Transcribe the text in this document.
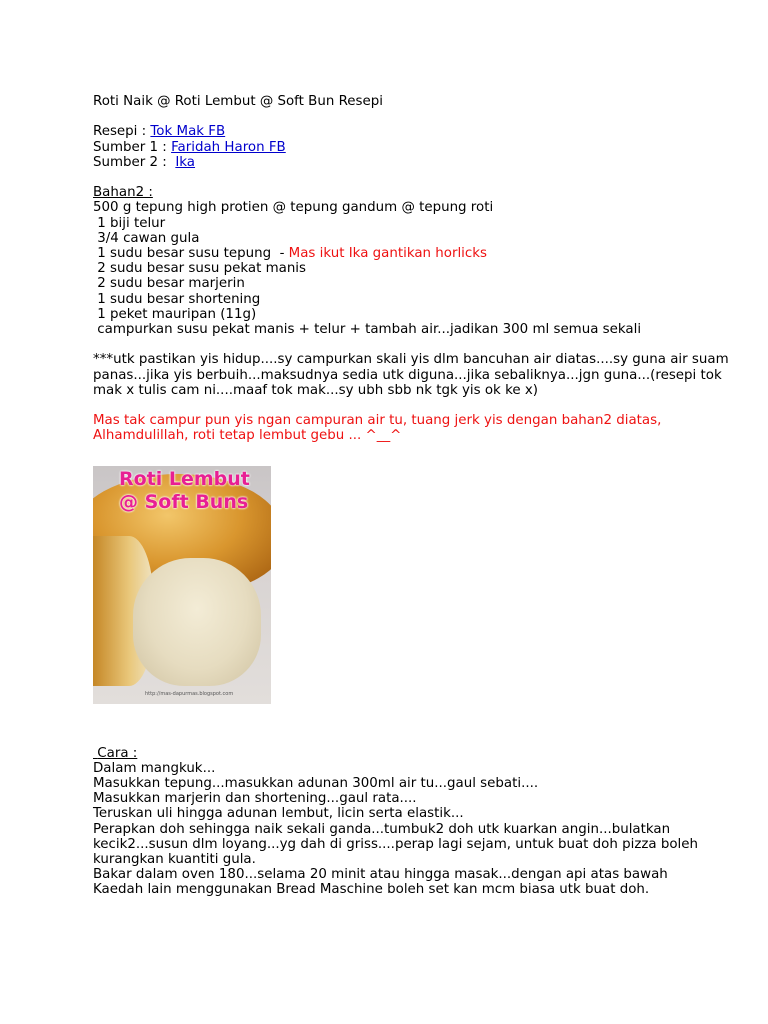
Roti Naik @ Roti Lembut @ Soft Bun Resepi
Resepi : Tok Mak FB
Sumber 1 : Faridah Haron FB
Sumber 2 :  Ika
Bahan2 :
500 g tepung high protien @ tepung gandum @ tepung roti
1 biji telur
3/4 cawan gula
1 sudu besar susu tepung  - Mas ikut Ika gantikan horlicks
2 sudu besar susu pekat manis
2 sudu besar marjerin
1 sudu besar shortening
1 peket mauripan (11g)
campurkan susu pekat manis + telur + tambah air...jadikan 300 ml semua sekali
***utk pastikan yis hidup....sy campurkan skali yis dlm bancuhan air diatas....sy guna air suam panas...jika yis berbuih...maksudnya sedia utk diguna...jika sebaliknya...jgn guna...(resepi tok mak x tulis cam ni....maaf tok mak...sy ubh sbb nk tgk yis ok ke x)
Mas tak campur pun yis ngan campuran air tu, tuang jerk yis dengan bahan2 diatas, Alhamdulillah, roti tetap lembut gebu ... ^__^
Roti Lembut
@ Soft Buns
http://mas-dapurmas.blogspot.com
Cara :
Dalam mangkuk...
Masukkan tepung...masukkan adunan 300ml air tu...gaul sebati....
Masukkan marjerin dan shortening...gaul rata....
Teruskan uli hingga adunan lembut, licin serta elastik...
Perapkan doh sehingga naik sekali ganda...tumbuk2 doh utk kuarkan angin...bulatkan        kecik2...susun dlm loyang...yg dah di griss....perap lagi sejam, untuk buat doh pizza boleh kurangkan kuantiti gula.
Bakar dalam oven 180...selama 20 minit atau hingga masak...dengan api atas bawah
Kaedah lain menggunakan Bread Maschine boleh set kan mcm biasa utk buat doh.
